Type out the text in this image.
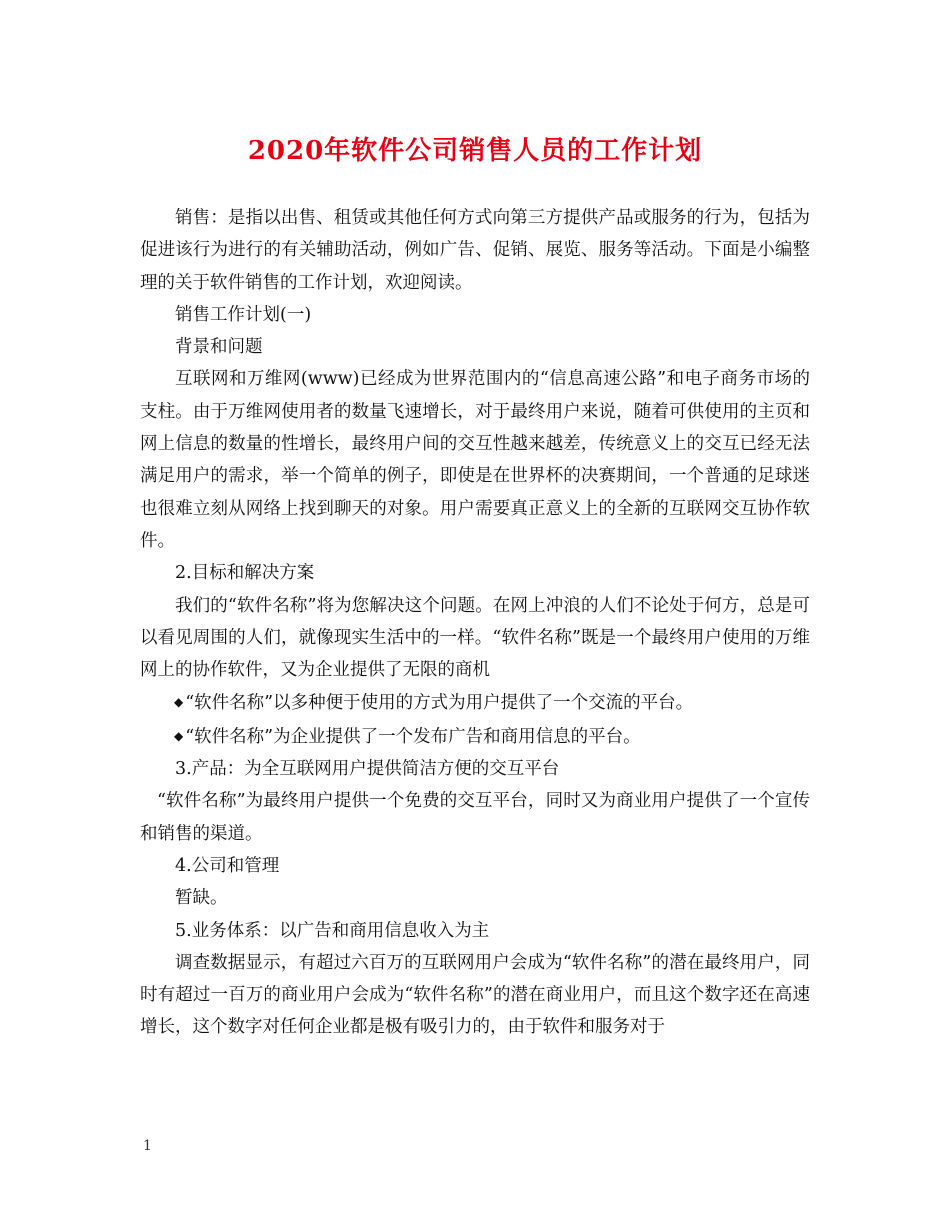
2020年软件公司销售人员的工作计划

销售：是指以出售、租赁或其他任何方式向第三方提供产品或服务的行为，包括为促进该行为进行的有关辅助活动，例如广告、促销、展览、服务等活动。下面是小编整理的关于软件销售的工作计划，欢迎阅读。

销售工作计划(一)

背景和问题

互联网和万维网(www)已经成为世界范围内的“信息高速公路”和电子商务市场的支柱。由于万维网使用者的数量飞速增长，对于最终用户来说，随着可供使用的主页和网上信息的数量的性增长，最终用户间的交互性越来越差，传统意义上的交互已经无法满足用户的需求，举一个简单的例子，即使是在世界杯的决赛期间，一个普通的足球迷也很难立刻从网络上找到聊天的对象。用户需要真正意义上的全新的互联网交互协作软件。

2.目标和解决方案

我们的“软件名称”将为您解决这个问题。在网上冲浪的人们不论处于何方，总是可以看见周围的人们，就像现实生活中的一样。“软件名称”既是一个最终用户使用的万维网上的协作软件，又为企业提供了无限的商机

◆ “软件名称”以多种便于使用的方式为用户提供了一个交流的平台。

◆ “软件名称”为企业提供了一个发布广告和商用信息的平台。

3.产品：为全互联网用户提供简洁方便的交互平台

“软件名称”为最终用户提供一个免费的交互平台，同时又为商业用户提供了一个宣传和销售的渠道。

4.公司和管理

暂缺。

5.业务体系：以广告和商用信息收入为主

调查数据显示，有超过六百万的互联网用户会成为“软件名称”的潜在最终用户，同时有超过一百万的商业用户会成为“软件名称”的潜在商业用户，而且这个数字还在高速增长，这个数字对任何企业都是极有吸引力的，由于软件和服务对于

1
